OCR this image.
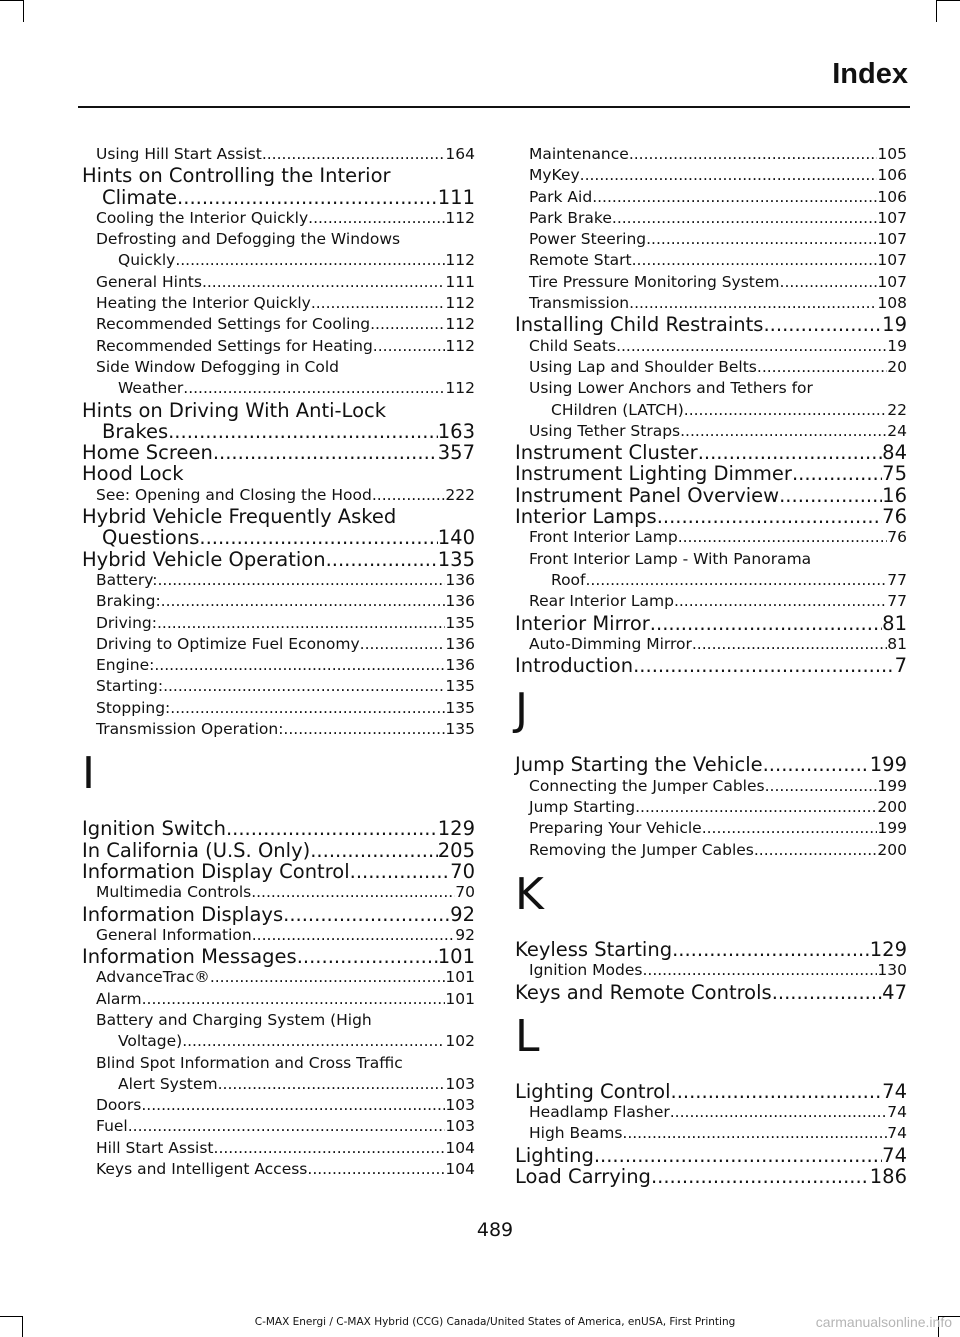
Index
Using Hill Start Assist .....	164
Hints on Controlling the Interior
Climate .....	111
Cooling the Interior Quickly .....	112
Defrosting and Defogging the Windows
Quickly .....	112
General Hints .....	111
Heating the Interior Quickly .....	112
Recommended Settings for Cooling .....	112
Recommended Settings for Heating .....	112
Side Window Defogging in Cold
Weather .....	112
Hints on Driving With Anti-Lock
Brakes .....	163
Home Screen .....	357
Hood Lock
See: Opening and Closing the Hood .....	222
Hybrid Vehicle Frequently Asked
Questions .....	140
Hybrid Vehicle Operation .....	135
Battery: .....	136
Braking: .....	136
Driving: .....	135
Driving to Optimize Fuel Economy .....	136
Engine: .....	136
Starting: .....	135
Stopping: .....	135
Transmission Operation: .....	135
I
Ignition Switch .....	129
In California (U.S. Only) .....	205
Information Display Control .....	70
Multimedia Controls .....	70
Information Displays .....	92
General Information .....	92
Information Messages .....	101
AdvanceTrac® .....	101
Alarm .....	101
Battery and Charging System (High
Voltage) .....	102
Blind Spot Information and Cross Traffic
Alert System .....	103
Doors .....	103
Fuel .....	103
Hill Start Assist .....	104
Keys and Intelligent Access .....	104
Maintenance .....	105
MyKey .....	106
Park Aid .....	106
Park Brake .....	107
Power Steering .....	107
Remote Start .....	107
Tire Pressure Monitoring System .....	107
Transmission .....	108
Installing Child Restraints .....	19
Child Seats .....	19
Using Lap and Shoulder Belts .....	20
Using Lower Anchors and Tethers for
CHildren (LATCH) .....	22
Using Tether Straps .....	24
Instrument Cluster .....	84
Instrument Lighting Dimmer .....	75
Instrument Panel Overview .....	16
Interior Lamps .....	76
Front Interior Lamp .....	76
Front Interior Lamp - With Panorama
Roof .....	77
Rear Interior Lamp .....	77
Interior Mirror .....	81
Auto-Dimming Mirror .....	81
Introduction .....	7
J
Jump Starting the Vehicle .....	199
Connecting the Jumper Cables .....	199
Jump Starting .....	200
Preparing Your Vehicle .....	199
Removing the Jumper Cables .....	200
K
Keyless Starting .....	129
Ignition Modes .....	130
Keys and Remote Controls .....	47
L
Lighting Control .....	74
Headlamp Flasher .....	74
High Beams .....	74
Lighting .....	74
Load Carrying .....	186
489
C-MAX Energi / C-MAX Hybrid (CCG) Canada/United States of America, enUSA, First Printing	carmanualsonline.info
